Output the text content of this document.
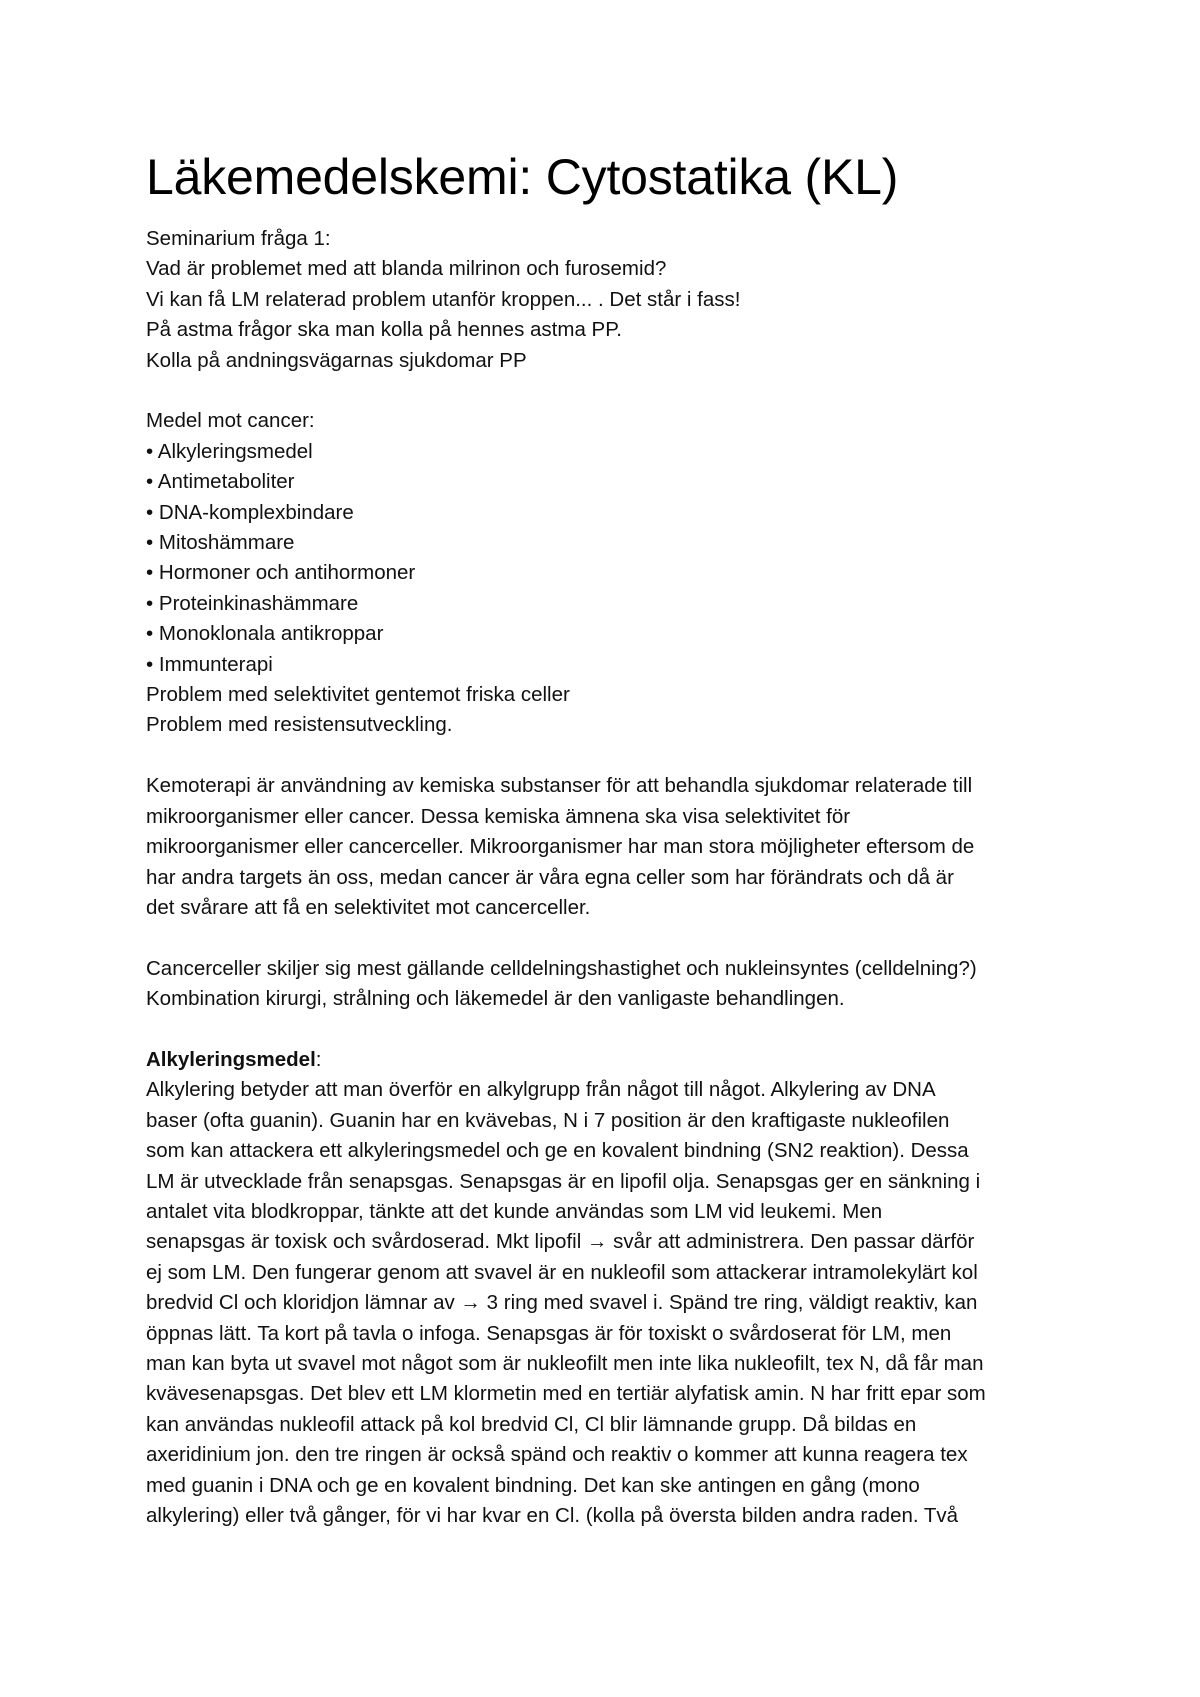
Läkemedelskemi: Cytostatika (KL)
Seminarium fråga 1:
Vad är problemet med att blanda milrinon och furosemid?
Vi kan få LM relaterad problem utanför kroppen... . Det står i fass!
På astma frågor ska man kolla på hennes astma PP.
Kolla på andningsvägarnas sjukdomar PP
Medel mot cancer:
• Alkyleringsmedel
• Antimetaboliter
• DNA-komplexbindare
• Mitoshämmare
• Hormoner och antihormoner
• Proteinkinashämmare
• Monoklonala antikroppar
• Immunterapi
Problem med selektivitet gentemot friska celler
Problem med resistensutveckling.
Kemoterapi är användning av kemiska substanser för att behandla sjukdomar relaterade till
mikroorganismer eller cancer. Dessa kemiska ämnena ska visa selektivitet för
mikroorganismer eller cancerceller. Mikroorganismer har man stora möjligheter eftersom de
har andra targets än oss, medan cancer är våra egna celler som har förändrats och då är
det svårare att få en selektivitet mot cancerceller.
Cancerceller skiljer sig mest gällande celldelningshastighet och nukleinsyntes (celldelning?)
Kombination kirurgi, strålning och läkemedel är den vanligaste behandlingen.
Alkyleringsmedel:
Alkylering betyder att man överför en alkylgrupp från något till något. Alkylering av DNA
baser (ofta guanin). Guanin har en kvävebas, N i 7 position är den kraftigaste nukleofilen
som kan attackera ett alkyleringsmedel och ge en kovalent bindning (SN2 reaktion). Dessa
LM är utvecklade från senapsgas. Senapsgas är en lipofil olja. Senapsgas ger en sänkning i
antalet vita blodkroppar, tänkte att det kunde användas som LM vid leukemi. Men
senapsgas är toxisk och svårdoserad. Mkt lipofil → svår att administrera. Den passar därför
ej som LM. Den fungerar genom att svavel är en nukleofil som attackerar intramolekylärt kol
bredvid Cl och kloridjon lämnar av → 3 ring med svavel i. Spänd tre ring, väldigt reaktiv, kan
öppnas lätt. Ta kort på tavla o infoga. Senapsgas är för toxiskt o svårdoserat för LM, men
man kan byta ut svavel mot något som är nukleofilt men inte lika nukleofilt, tex N, då får man
kvävesenapsgas. Det blev ett LM klormetin med en tertiär alyfatisk amin. N har fritt epar som
kan användas nukleofil attack på kol bredvid Cl, Cl blir lämnande grupp. Då bildas en
axeridinium jon. den tre ringen är också spänd och reaktiv o kommer att kunna reagera tex
med guanin i DNA och ge en kovalent bindning. Det kan ske antingen en gång (mono
alkylering) eller två gånger, för vi har kvar en Cl. (kolla på översta bilden andra raden. Två
